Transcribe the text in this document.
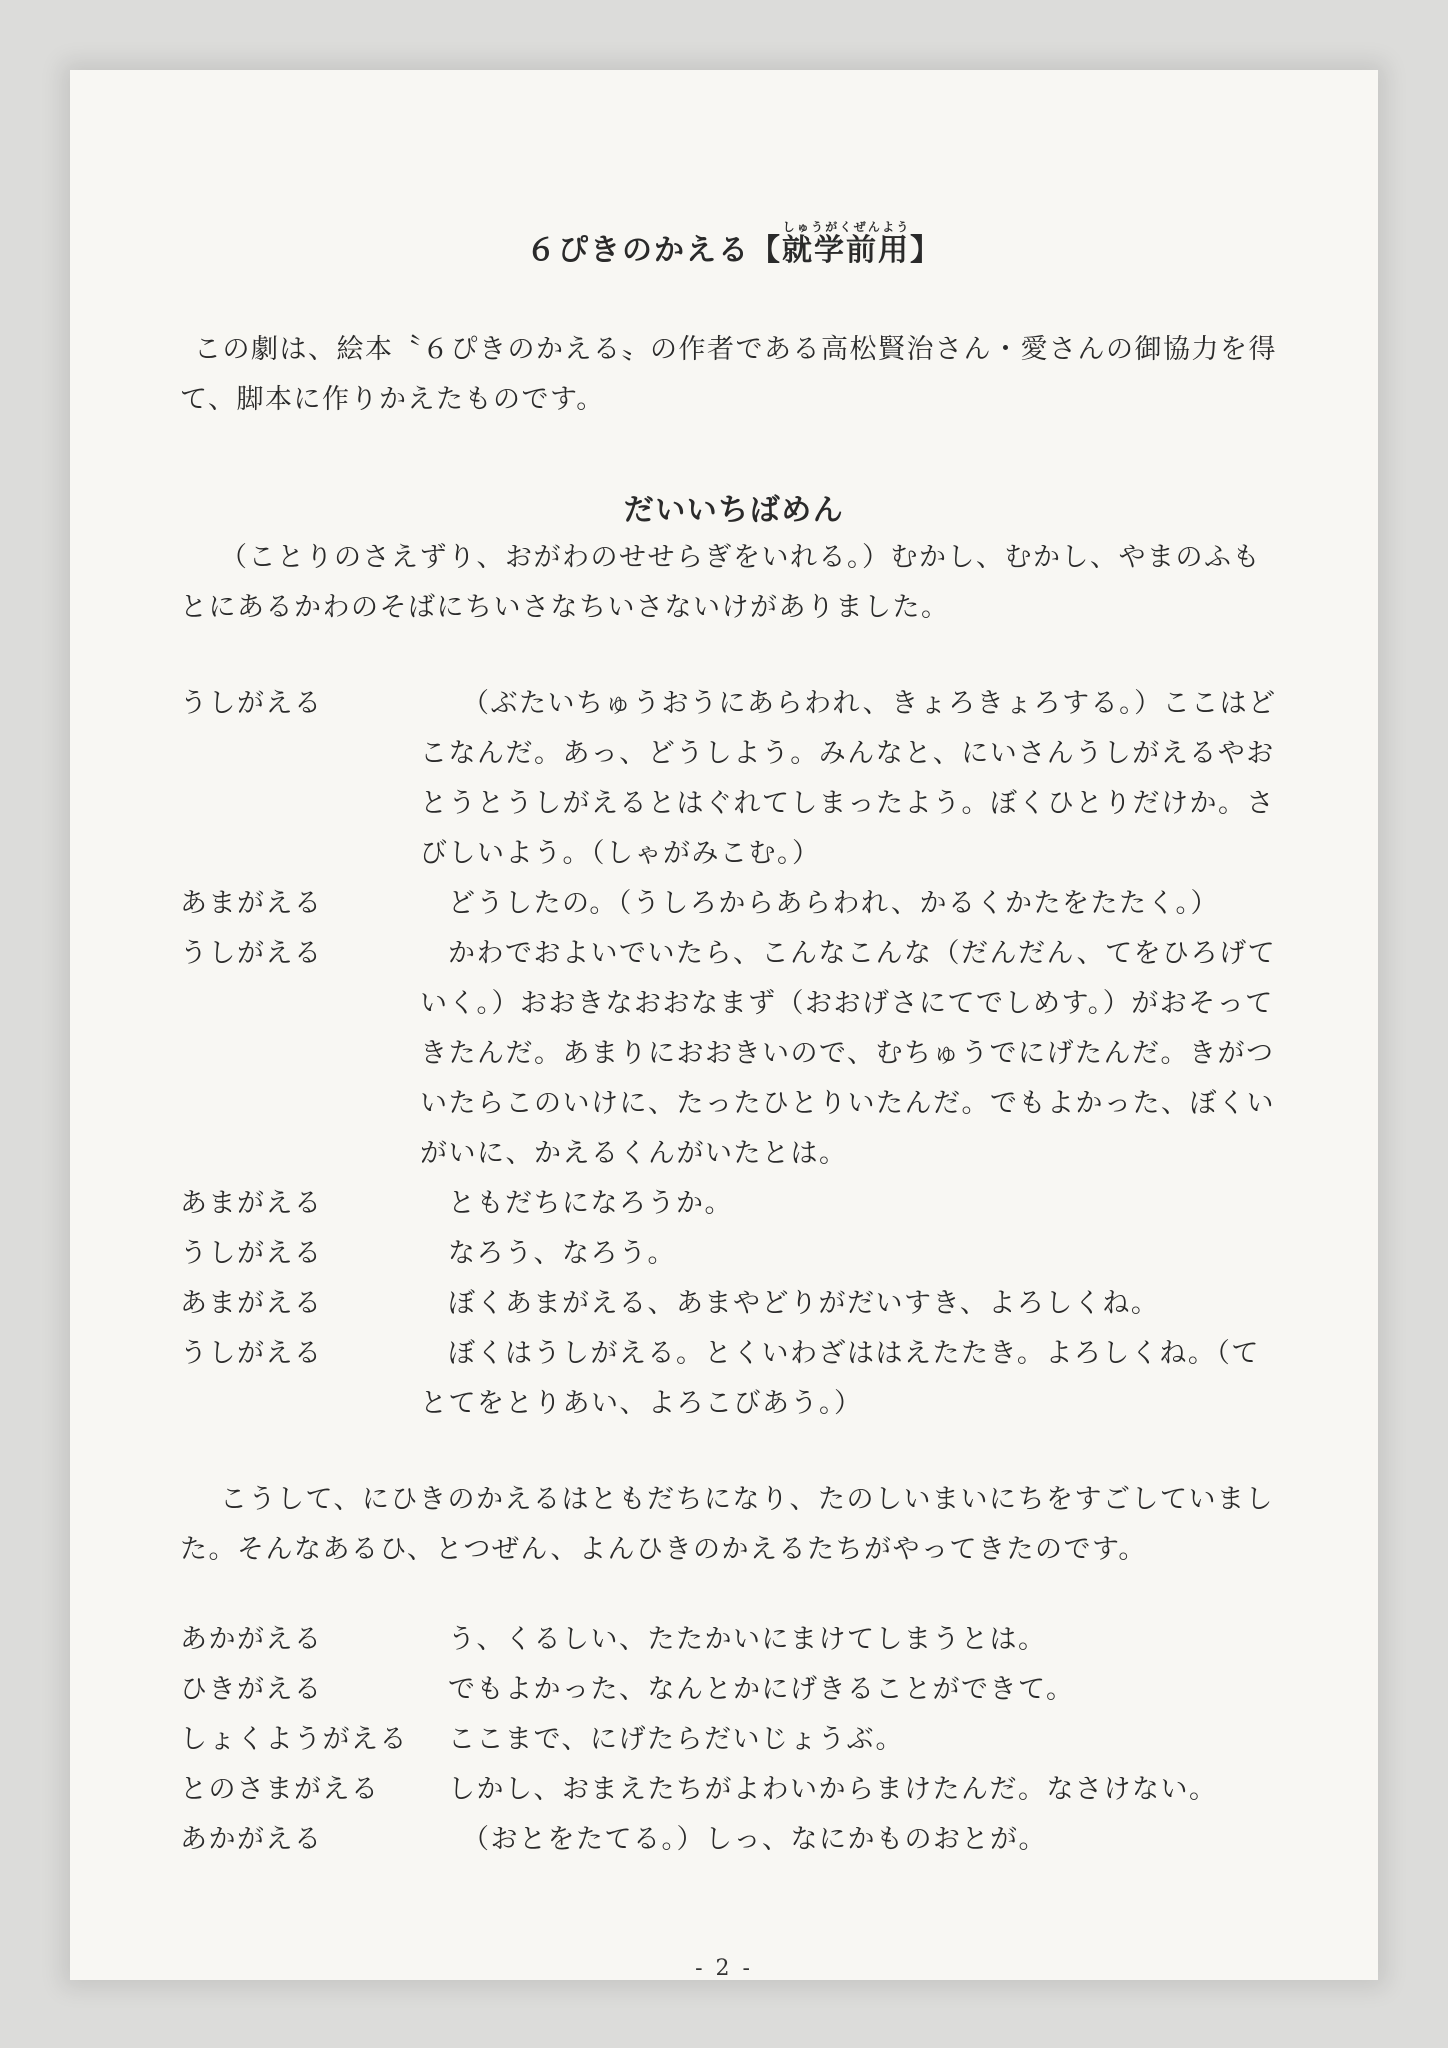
６ぴきのかえる【就学前用しゅうがくぜんよう】

この劇は、絵本〝６ぴきのかえる〟の作者である高松賢治さん・愛さんの御協力を得て、脚本に作りかえたものです。

だいいちばめん

（ことりのさえずり、おがわのせせらぎをいれる。）むかし、むかし、やまのふもとにあるかわのそばにちいさなちいさないけがありました。

うしがえる	（ぶたいちゅうおうにあらわれ、きょろきょろする。）ここはどこなんだ。あっ、どうしよう。みんなと、にいさんうしがえるやおとうとうしがえるとはぐれてしまったよう。ぼくひとりだけか。さびしいよう。（しゃがみこむ。）
あまがえる	どうしたの。（うしろからあらわれ、かるくかたをたたく。）
うしがえる	かわでおよいでいたら、こんなこんな（だんだん、てをひろげていく。）おおきなおおなまず（おおげさにてでしめす。）がおそってきたんだ。あまりにおおきいので、むちゅうでにげたんだ。きがついたらこのいけに、たったひとりいたんだ。でもよかった、ぼくいがいに、かえるくんがいたとは。
あまがえる	ともだちになろうか。
うしがえる	なろう、なろう。
あまがえる	ぼくあまがえる、あまやどりがだいすき、よろしくね。
うしがえる	ぼくはうしがえる。とくいわざははえたたき。よろしくね。（てとてをとりあい、よろこびあう。）

こうして、にひきのかえるはともだちになり、たのしいまいにちをすごしていました。そんなあるひ、とつぜん、よんひきのかえるたちがやってきたのです。

あかがえる	う、くるしい、たたかいにまけてしまうとは。
ひきがえる	でもよかった、なんとかにげきることができて。
しょくようがえる	ここまで、にげたらだいじょうぶ。
とのさまがえる	しかし、おまえたちがよわいからまけたんだ。なさけない。
あかがえる	（おとをたてる。）しっ、なにかものおとが。
- 2 -
